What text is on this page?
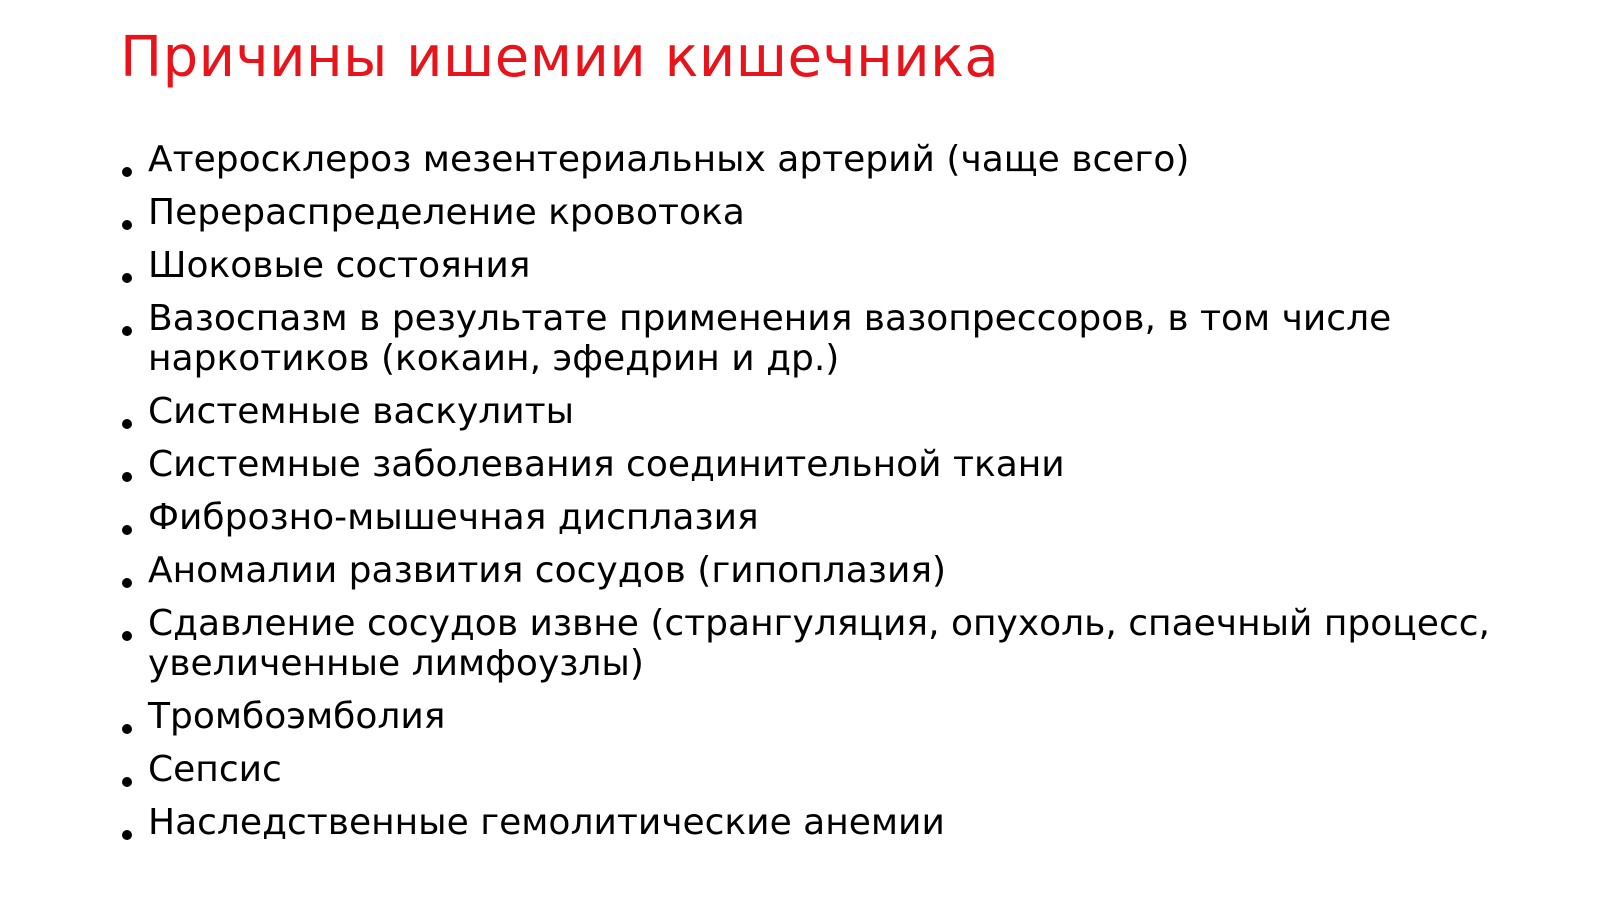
Причины ишемии кишечника
Атеросклероз мезентериальных артерий (чаще всего)
Перераспределение кровотока
Шоковые состояния
Вазоспазм в результате применения вазопрессоров, в том числе наркотиков (кокаин, эфедрин и др.)
Системные васкулиты
Системные заболевания соединительной ткани
Фиброзно-мышечная дисплазия
Аномалии развития сосудов (гипоплазия)
Сдавление сосудов извне (странгуляция, опухоль, спаечный процесс, увеличенные лимфоузлы)
Тромбоэмболия
Сепсис
Наследственные гемолитические анемии
